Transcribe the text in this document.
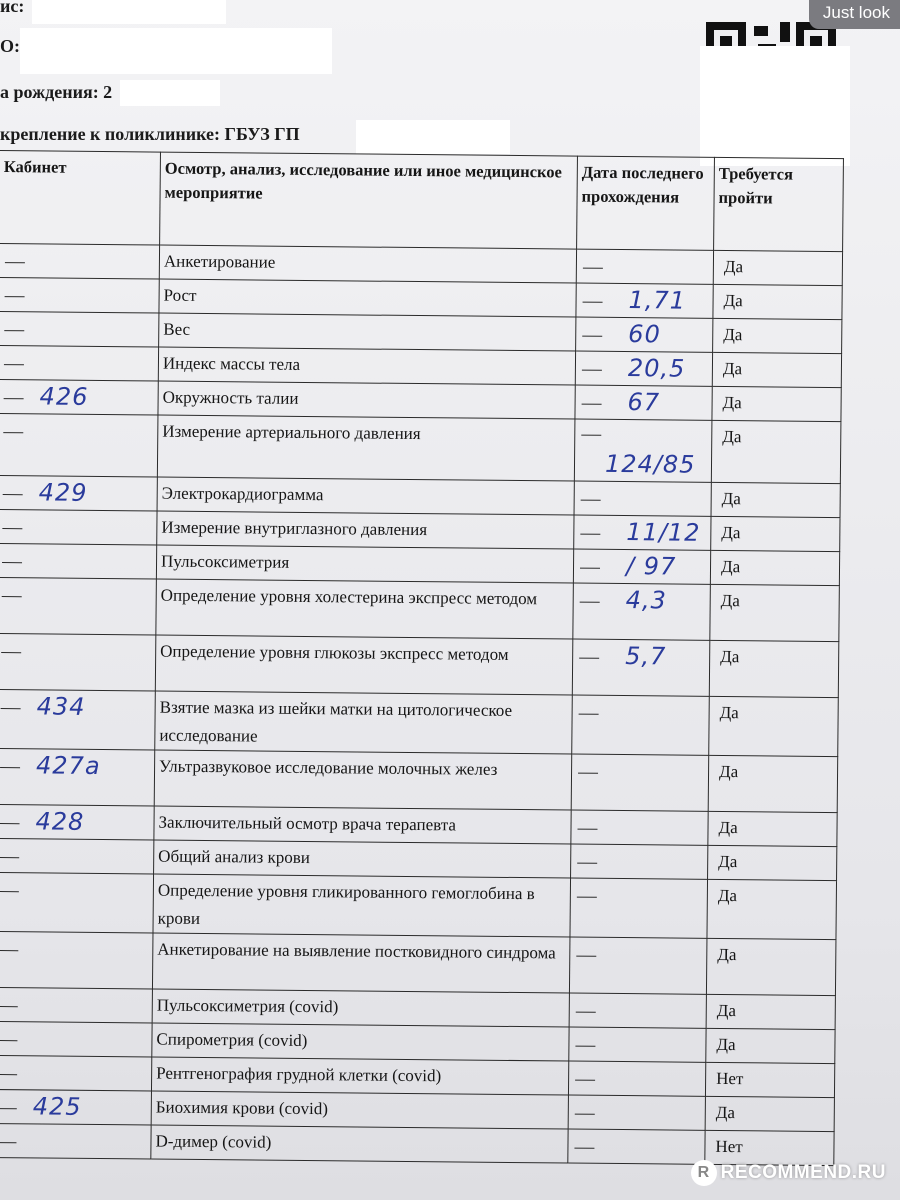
ис:
О:
а рождения: 2
крепление к поликлинике: ГБУЗ ГП
Just look
	Кабинет	Осмотр, анализ, исследование или иное медицинское мероприятие	Дата последнего прохождения	Требуется пройти
		Анкетирование		Да
		Рост	1,71	Да
		Вес	60	Да
		Индекс массы тела	20,5	Да
	426	Окружность талии	67	Да
		Измерение артериального давления	124/85	Да
	429	Электрокардиограмма		Да
		Измерение внутриглазного давления	11/12	Да
		Пульсоксиметрия	/ 97	Да
		Определение уровня холестерина экспресс методом	4,3	Да
		Определение уровня глюкозы экспресс методом	5,7	Да
	434	Взятие мазка из шейки матки на цитологическое исследование		Да
	427а	Ультразвуковое исследование молочных желез		Да
	428	Заключительный осмотр врача терапевта		Да
		Общий анализ крови		Да
		Определение уровня гликированного гемоглобина в крови		Да
		Анкетирование на выявление постковидного синдрома		Да
		Пульсоксиметрия (covid)		Да
		Спирометрия (covid)		Да
		Рентгенография грудной клетки (covid)		Нет
	425	Биохимия крови (covid)		Да
		D-димер (covid)		Нет
R RECOMMEND.RU
